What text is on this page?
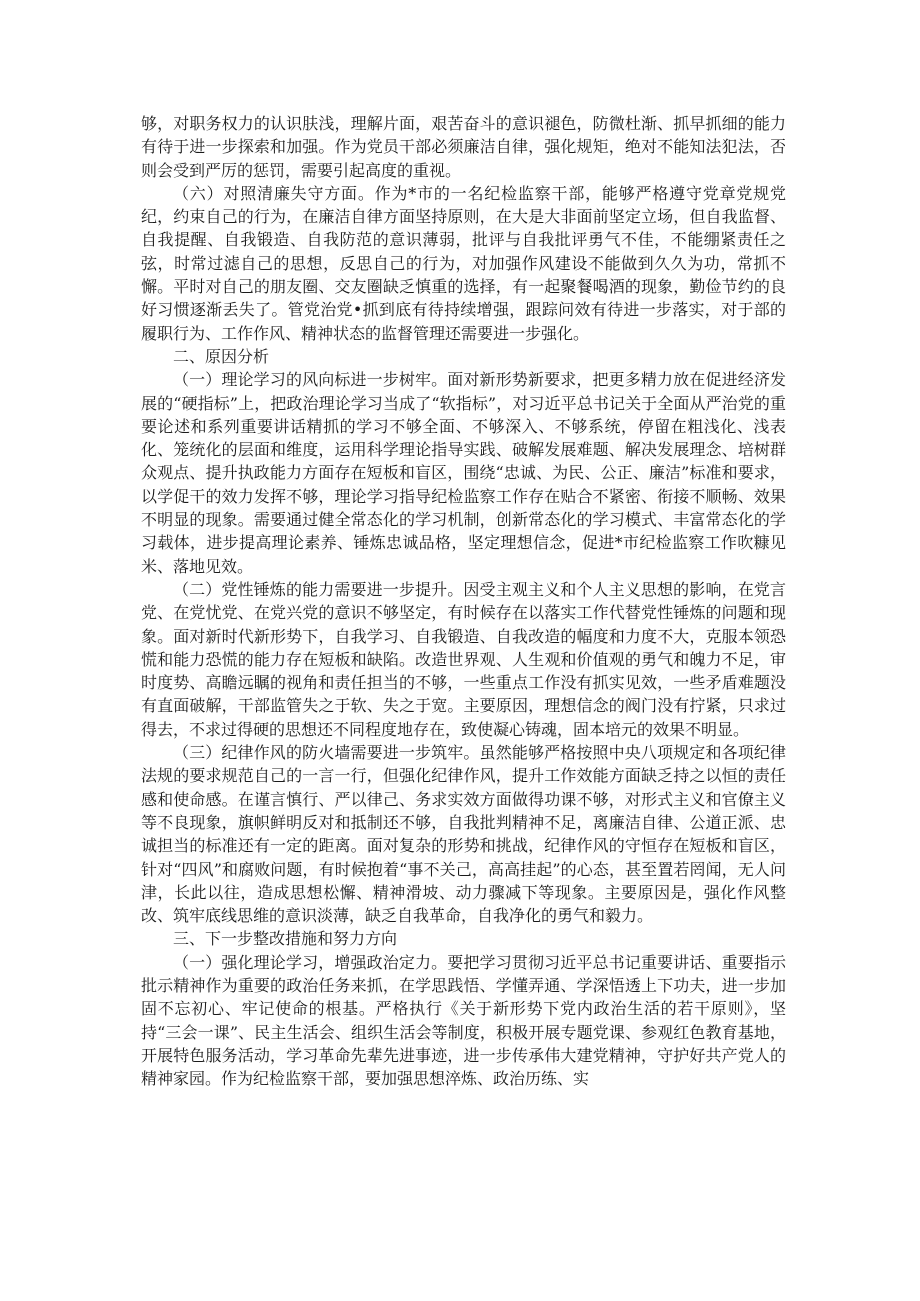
够，对职务权力的认识肤浅，理解片面，艰苦奋斗的意识褪色，防微杜渐、抓早抓细的能力有待于进一步探索和加强。作为党员干部必须廉洁自律，强化规矩，绝对不能知法犯法，否则会受到严厉的惩罚，需要引起高度的重视。

（六）对照清廉失守方面。作为*市的一名纪检监察干部，能够严格遵守党章党规党纪，约束自己的行为，在廉洁自律方面坚持原则，在大是大非面前坚定立场，但自我监督、自我提醒、自我锻造、自我防范的意识薄弱，批评与自我批评勇气不佳，不能绷紧责任之弦，时常过滤自己的思想，反思自己的行为，对加强作风建设不能做到久久为功，常抓不懈。平时对自己的朋友圈、交友圈缺乏慎重的选择，有一起聚餐喝酒的现象，勤俭节约的良好习惯逐渐丢失了。管党治党•抓到底有待持续增强，跟踪问效有待进一步落实，对于部的履职行为、工作作风、精神状态的监督管理还需要进一步强化。

二、原因分析

（一）理论学习的风向标进一步树牢。面对新形势新要求，把更多精力放在促进经济发展的“硬指标”上，把政治理论学习当成了“软指标”，对习近平总书记关于全面从严治党的重要论述和系列重要讲话精抓的学习不够全面、不够深入、不够系统，停留在粗浅化、浅表化、笼统化的层面和维度，运用科学理论指导实践、破解发展难题、解决发展理念、培树群众观点、提升执政能力方面存在短板和盲区，围绕“忠诚、为民、公正、廉洁”标准和要求，以学促干的效力发挥不够，理论学习指导纪检监察工作存在贴合不紧密、衔接不顺畅、效果不明显的现象。需要通过健全常态化的学习机制，创新常态化的学习模式、丰富常态化的学习载体，进步提高理论素养、锤炼忠诚品格，坚定理想信念，促进*市纪检监察工作吹糠见米、落地见效。

（二）党性锤炼的能力需要进一步提升。因受主观主义和个人主义思想的影响，在党言党、在党忧党、在党兴党的意识不够坚定，有时候存在以落实工作代替党性锤炼的问题和现象。面对新时代新形势下，自我学习、自我锻造、自我改造的幅度和力度不大，克服本领恐慌和能力恐慌的能力存在短板和缺陷。改造世界观、人生观和价值观的勇气和魄力不足，审时度势、高瞻远瞩的视角和责任担当的不够，一些重点工作没有抓实见效，一些矛盾难题没有直面破解，干部监管失之于软、失之于宽。主要原因，理想信念的阀门没有拧紧，只求过得去，不求过得硬的思想还不同程度地存在，致使凝心铸魂，固本培元的效果不明显。

（三）纪律作风的防火墙需要进一步筑牢。虽然能够严格按照中央八项规定和各项纪律法规的要求规范自己的一言一行，但强化纪律作风，提升工作效能方面缺乏持之以恒的责任感和使命感。在谨言慎行、严以律己、务求实效方面做得功课不够，对形式主义和官僚主义等不良现象，旗帜鲜明反对和抵制还不够，自我批判精神不足，离廉洁自律、公道正派、忠诚担当的标准还有一定的距离。面对复杂的形势和挑战，纪律作风的守恒存在短板和盲区，针对“四风”和腐败问题，有时候抱着“事不关己，高高挂起”的心态，甚至置若罔闻，无人问津，长此以往，造成思想松懈、精神滑坡、动力骤减下等现象。主要原因是，强化作风整改、筑牢底线思维的意识淡薄，缺乏自我革命，自我净化的勇气和毅力。

三、下一步整改措施和努力方向

（一）强化理论学习，增强政治定力。要把学习贯彻习近平总书记重要讲话、重要指示批示精神作为重要的政治任务来抓，在学思践悟、学懂弄通、学深悟透上下功夫，进一步加固不忘初心、牢记使命的根基。严格执行《关于新形势下党内政治生活的若干原则》，坚持“三会一课”、民主生活会、组织生活会等制度，积极开展专题党课、参观红色教育基地，开展特色服务活动，学习革命先辈先进事迹，进一步传承伟大建党精神，守护好共产党人的精神家园。作为纪检监察干部，要加强思想淬炼、政治历练、实
